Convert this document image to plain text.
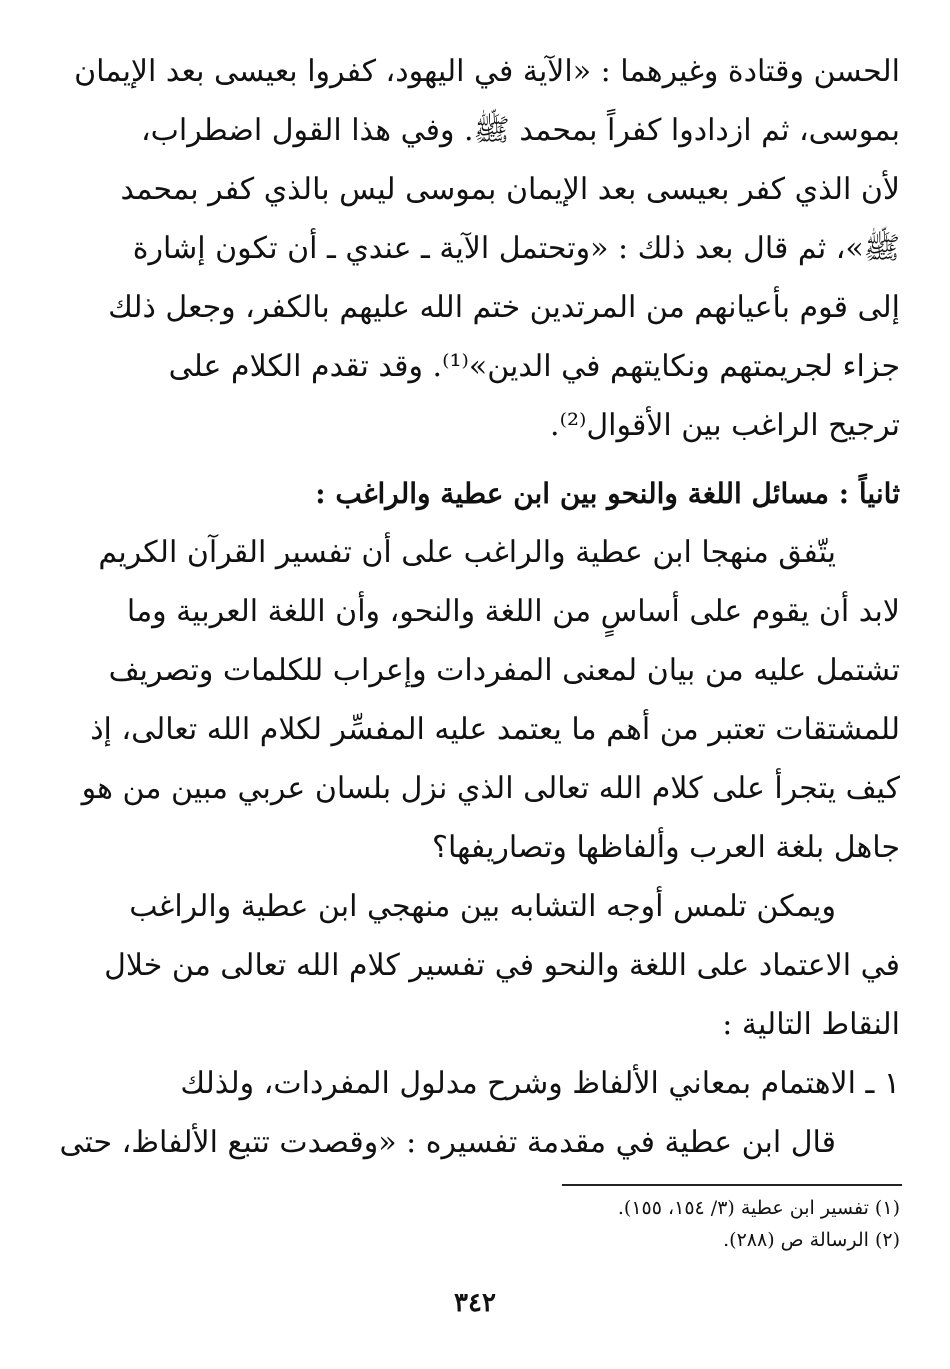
الحسن وقتادة وغيرهما : «الآية في اليهود، كفروا بعيسى بعد الإيمان
بموسى، ثم ازدادوا كفراً بمحمد ﷺ. وفي هذا القول اضطراب،
لأن الذي كفر بعيسى بعد الإيمان بموسى ليس بالذي كفر بمحمد
ﷺ»، ثم قال بعد ذلك : «وتحتمل الآية ـ عندي ـ أن تكون إشارة
إلى قوم بأعيانهم من المرتدين ختم الله عليهم بالكفر، وجعل ذلك
جزاء لجريمتهم ونكايتهم في الدين»⁽¹⁾. وقد تقدم الكلام على
ترجيح الراغب بين الأقوال⁽²⁾.
ثانياً : مسائل اللغة والنحو بين ابن عطية والراغب :
يتّفق منهجا ابن عطية والراغب على أن تفسير القرآن الكريم
لابد أن يقوم على أساسٍ من اللغة والنحو، وأن اللغة العربية وما
تشتمل عليه من بيان لمعنى المفردات وإعراب للكلمات وتصريف
للمشتقات تعتبر من أهم ما يعتمد عليه المفسِّر لكلام الله تعالى، إذ
كيف يتجرأ على كلام الله تعالى الذي نزل بلسان عربي مبين من هو
جاهل بلغة العرب وألفاظها وتصاريفها؟
ويمكن تلمس أوجه التشابه بين منهجي ابن عطية والراغب
في الاعتماد على اللغة والنحو في تفسير كلام الله تعالى من خلال
النقاط التالية :
١ ـ الاهتمام بمعاني الألفاظ وشرح مدلول المفردات، ولذلك
قال ابن عطية في مقدمة تفسيره : «وقصدت تتبع الألفاظ، حتى
(١) تفسير ابن عطية (٣/ ١٥٤، ١٥٥).
(٢) الرسالة ص (٢٨٨).
٣٤٢
